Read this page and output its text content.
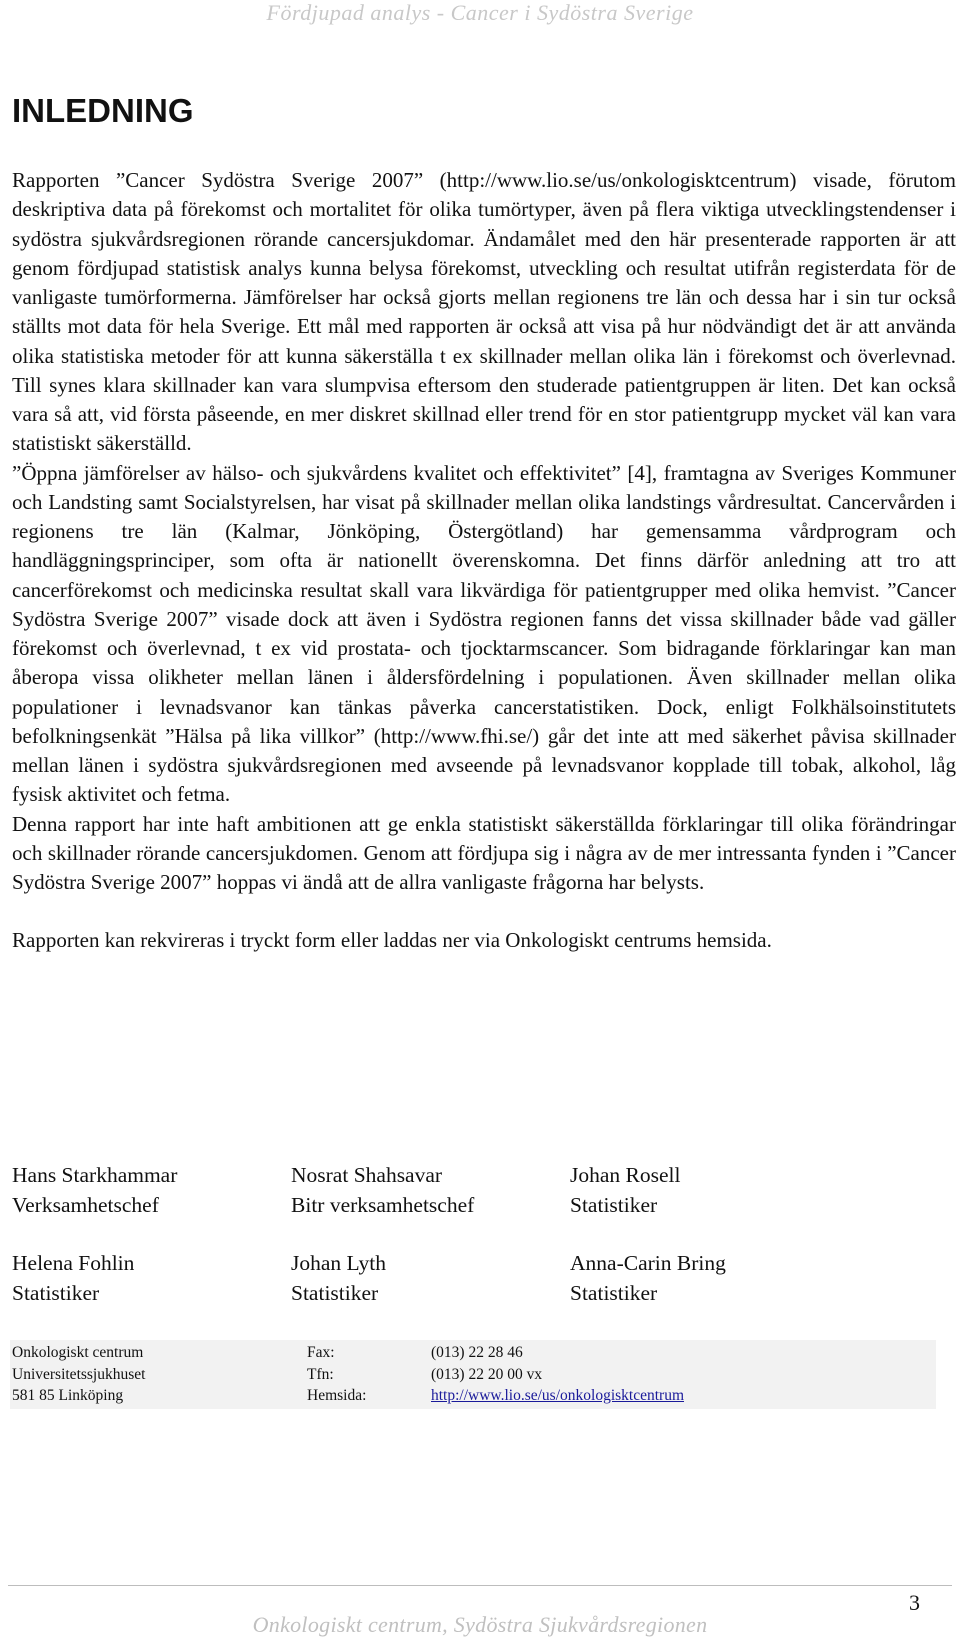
Fördjupad analys - Cancer i Sydöstra Sverige
INLEDNING

Rapporten ”Cancer Sydöstra Sverige 2007” (http://www.lio.se/us/onkologisktcentrum) visade, förutom deskriptiva data på förekomst och mortalitet för olika tumörtyper, även på flera viktiga utvecklingstendenser i sydöstra sjukvårdsregionen rörande cancersjukdomar. Ändamålet med den här presenterade rapporten är att genom fördjupad statistisk analys kunna belysa förekomst, utveckling och resultat utifrån registerdata för de vanligaste tumörformerna. Jämförelser har också gjorts mellan regionens tre län och dessa har i sin tur också ställts mot data för hela Sverige. Ett mål med rapporten är också att visa på hur nödvändigt det är att använda olika statistiska metoder för att kunna säkerställa t ex skillnader mellan olika län i förekomst och överlevnad. Till synes klara skillnader kan vara slumpvisa eftersom den studerade patientgruppen är liten. Det kan också vara så att, vid första påseende, en mer diskret skillnad eller trend för en stor patientgrupp mycket väl kan vara statistiskt säkerställd.

”Öppna jämförelser av hälso- och sjukvårdens kvalitet och effektivitet” [4], framtagna av Sveriges Kommuner och Landsting samt Socialstyrelsen, har visat på skillnader mellan olika landstings vårdresultat. Cancervården i regionens tre län (Kalmar, Jönköping, Östergötland) har gemensamma vårdprogram och handläggningsprinciper, som ofta är nationellt överenskomna. Det finns därför anledning att tro att cancerförekomst och medicinska resultat skall vara likvärdiga för patientgrupper med olika hemvist. ”Cancer Sydöstra Sverige 2007” visade dock att även i Sydöstra regionen fanns det vissa skillnader både vad gäller förekomst och överlevnad, t ex vid prostata- och tjocktarmscancer. Som bidragande förklaringar kan man åberopa vissa olikheter mellan länen i åldersfördelning i populationen. Även skillnader mellan olika populationer i levnadsvanor kan tänkas påverka cancerstatistiken. Dock, enligt Folkhälsoinstitutets befolkningsenkät ”Hälsa på lika villkor” (http://www.fhi.se/) går det inte att med säkerhet påvisa skillnader mellan länen i sydöstra sjukvårdsregionen med avseende på levnadsvanor kopplade till tobak, alkohol, låg fysisk aktivitet och fetma.

Denna rapport har inte haft ambitionen att ge enkla statistiskt säkerställda förklaringar till olika förändringar och skillnader rörande cancersjukdomen. Genom att fördjupa sig i några av de mer intressanta fynden i ”Cancer Sydöstra Sverige 2007” hoppas vi ändå att de allra vanligaste frågorna har belysts.

Rapporten kan rekvireras i tryckt form eller laddas ner via Onkologiskt centrums hemsida.

Hans Starkhammar
Verksamhetschef
Nosrat Shahsavar
Bitr verksamhetschef
Johan Rosell
Statistiker
Helena Fohlin
Statistiker
Johan Lyth
Statistiker
Anna-Carin Bring
Statistiker
Onkologiskt centrum	Fax:	(013) 22 28 46
Universitetssjukhuset	Tfn:	(013) 22 20 00 vx
581 85 Linköping	Hemsida:	http://www.lio.se/us/onkologisktcentrum
3
Onkologiskt centrum, Sydöstra Sjukvårdsregionen
